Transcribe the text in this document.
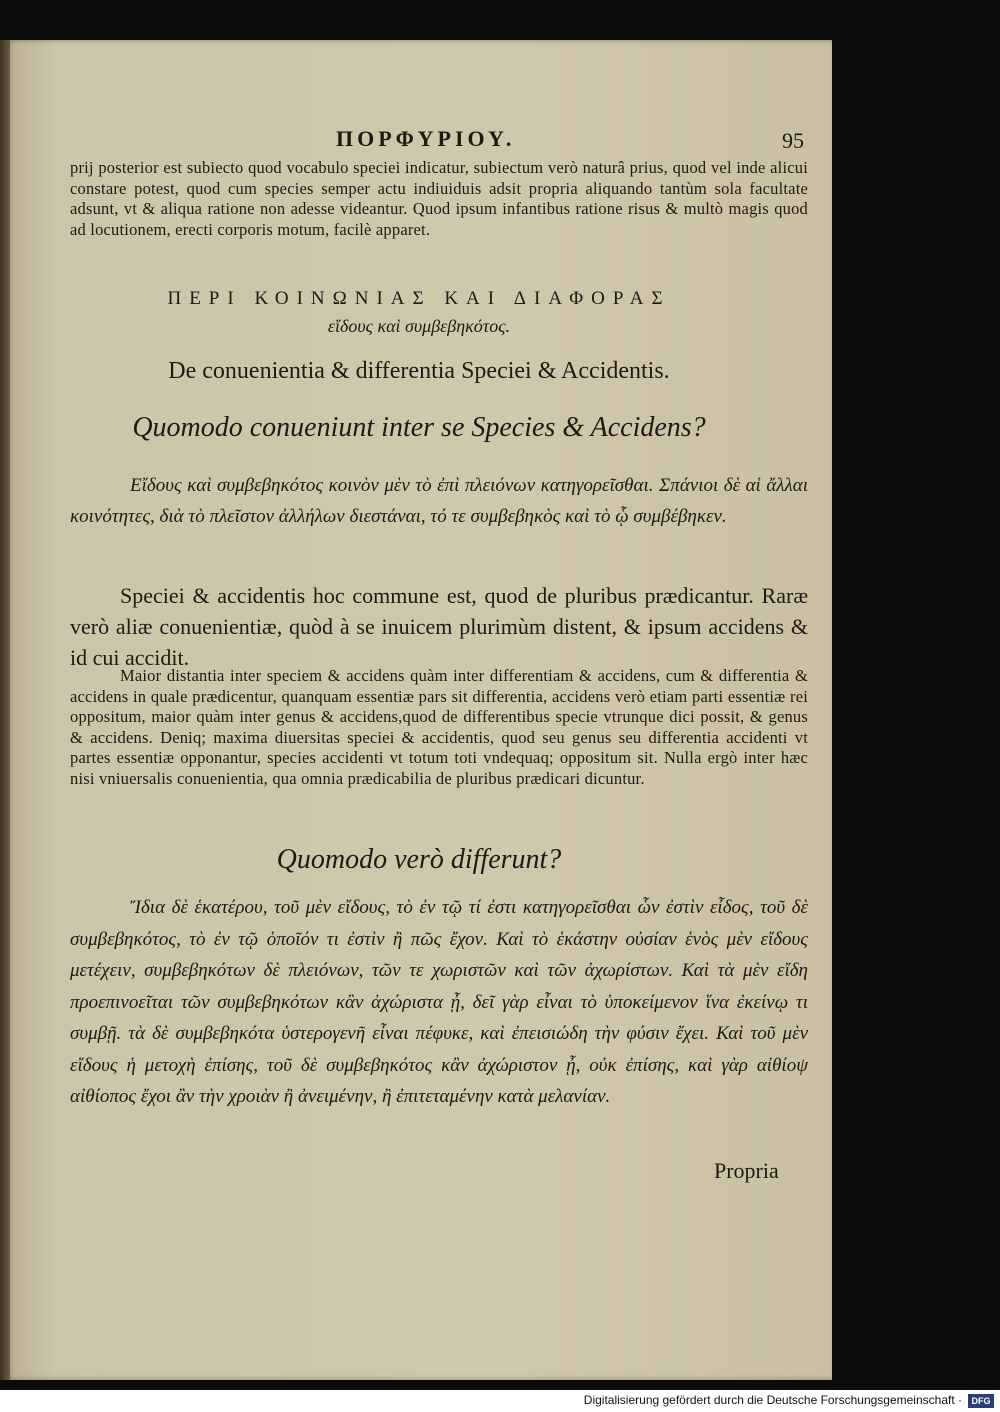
ΠΟΡΦΥΡΙΟΥ.	95

prij posterior est subiecto quod vocabulo speciei indicatur, subiectum verò naturâ prius, quod vel inde alicui constare potest, quod cum species semper actu indiuiduis adsit propria aliquando tantùm sola facultate adsunt, vt & aliqua ratione non adesse videantur. Quod ipsum infantibus ratione risus & multò magis quod ad locutionem, erecti corporis motum, facilè apparet.

ΠΕΡΙ ΚΟΙΝΩΝΙΑΣ ΚΑΙ ΔΙΑΦΟΡΑΣ
εἴδους καὶ συμβεβηκότος.
De conuenientia & differentia Speciei & Accidentis.
Quomodo conueniunt inter se Species & Accidens?

Εἴδους καὶ συμβεβηκότος κοινὸν μὲν τὸ ἐπὶ πλειόνων κατηγορεῖσθαι. Σπάνιοι δὲ αἱ ἄλλαι κοινότητες, διὰ τὸ πλεῖστον ἀλλήλων διεστάναι, τό τε συμβεβηκὸς καὶ τὸ ᾧ συμβέβηκεν.

Speciei & accidentis hoc commune est, quod de pluribus prædicantur. Raræ verò aliæ conuenientiæ, quòd à se inuicem plurimùm distent, & ipsum accidens & id cui accidit.

Maior distantia inter speciem & accidens quàm inter differentiam & accidens, cum & differentia & accidens in quale prædicentur, quanquam essentiæ pars sit differentia, accidens verò etiam parti essentiæ rei oppositum, maior quàm inter genus & accidens,quod de differentibus specie vtrunque dici possit, & genus & accidens. Deniq; maxima diuersitas speciei & accidentis, quod seu genus seu differentia accidenti vt partes essentiæ opponantur, species accidenti vt totum toti vndequaq; oppositum sit. Nulla ergò inter hæc nisi vniuersalis conuenientia, qua omnia prædicabilia de pluribus prædicari dicuntur.

Quomodo verò differunt?

Ἴδια δὲ ἑκατέρου, τοῦ μὲν εἴδους, τὸ ἐν τῷ τί ἐστι κατηγορεῖσθαι ὧν ἐστὶν εἶδος, τοῦ δὲ συμβεβηκότος, τὸ ἐν τῷ ὁποῖόν τι ἐστὶν ἢ πῶς ἔχον. Καὶ τὸ ἑκάστην οὐσίαν ἑνὸς μὲν εἴδους μετέχειν, συμβεβηκότων δὲ πλειόνων, τῶν τε χωριστῶν καὶ τῶν ἀχωρίστων. Καὶ τὰ μὲν εἴδη προεπινοεῖται τῶν συμβεβηκότων κἂν ἀχώριστα ᾖ, δεῖ γὰρ εἶναι τὸ ὑποκείμενον ἵνα ἐκείνῳ τι συμβῇ. τὰ δὲ συμβεβηκότα ὑστερογενῆ εἶναι πέφυκε, καὶ ἐπεισιώδη τὴν φύσιν ἔχει. Καὶ τοῦ μὲν εἴδους ἡ μετοχὴ ἐπίσης, τοῦ δὲ συμβεβηκότος κἂν ἀχώριστον ᾖ, οὐκ ἐπίσης, καὶ γὰρ αἰθίοψ αἰθίοπος ἔχοι ἂν τὴν χροιὰν ἢ ἀνειμένην, ἢ ἐπιτεταμένην κατὰ μελανίαν.

Propria
Digitalisierung gefördert durch die Deutsche Forschungsgemeinschaft ·	DFG
